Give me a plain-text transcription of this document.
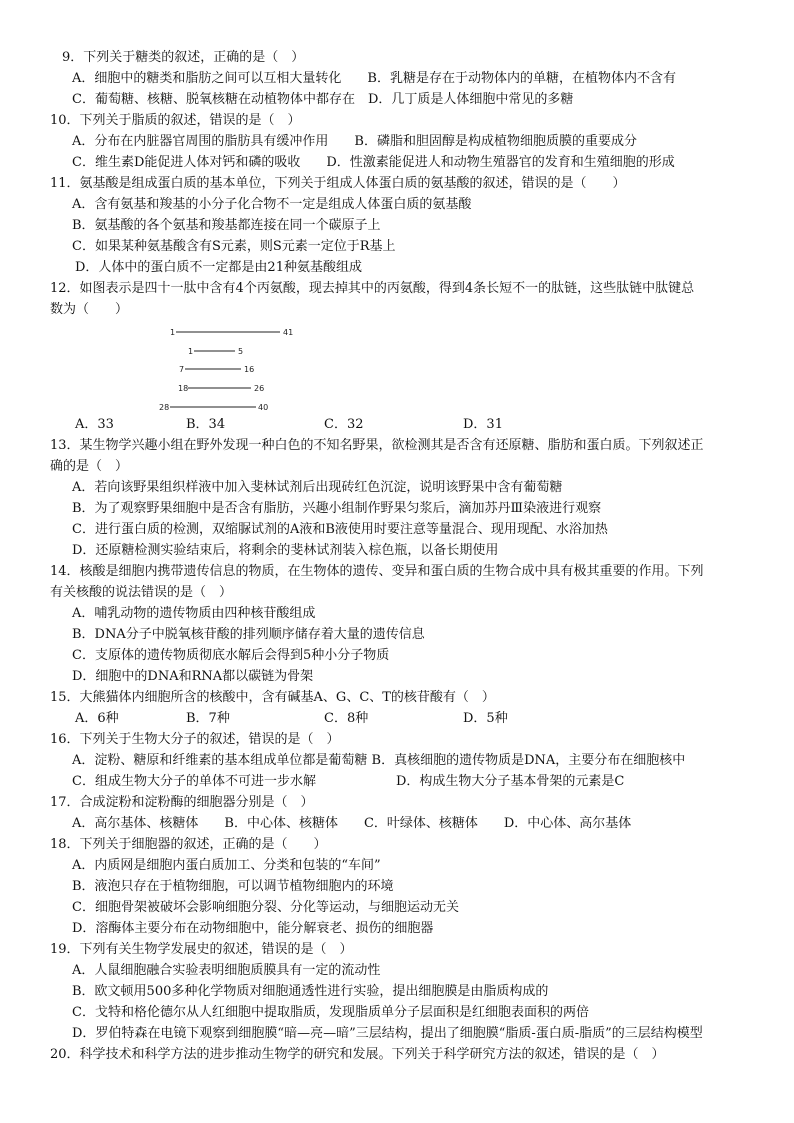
9．下列关于糖类的叙述，正确的是（　）
A．细胞中的糖类和脂肪之间可以互相大量转化　　B．乳糖是存在于动物体内的单糖，在植物体内不含有
C．葡萄糖、核糖、脱氧核糖在动植物体中都存在　D．几丁质是人体细胞中常见的多糖
10．下列关于脂质的叙述，错误的是（　）
A．分布在内脏器官周围的脂肪具有缓冲作用　　B．磷脂和胆固醇是构成植物细胞质膜的重要成分
C．维生素D能促进人体对钙和磷的吸收　　D．性激素能促进人和动物生殖器官的发育和生殖细胞的形成
11．氨基酸是组成蛋白质的基本单位，下列关于组成人体蛋白质的氨基酸的叙述，错误的是（　　）
A．含有氨基和羧基的小分子化合物不一定是组成人体蛋白质的氨基酸
B．氨基酸的各个氨基和羧基都连接在同一个碳原子上
C．如果某种氨基酸含有S元素，则S元素一定位于R基上
D．人体中的蛋白质不一定都是由21种氨基酸组成
12．如图表示是四十一肽中含有4个丙氨酸，现去掉其中的丙氨酸，得到4条长短不一的肽链，这些肽链中肽键总
数为（　　）
1	41
1	5
7	16
18	26
28	40
A．33	B．34	C．32	D．31
13．某生物学兴趣小组在野外发现一种白色的不知名野果，欲检测其是否含有还原糖、脂肪和蛋白质。下列叙述正
确的是（　）
A．若向该野果组织样液中加入斐林试剂后出现砖红色沉淀，说明该野果中含有葡萄糖
B．为了观察野果细胞中是否含有脂肪，兴趣小组制作野果匀浆后，滴加苏丹Ⅲ染液进行观察
C．进行蛋白质的检测，双缩脲试剂的A液和B液使用时要注意等量混合、现用现配、水浴加热
D．还原糖检测实验结束后，将剩余的斐林试剂装入棕色瓶，以备长期使用
14．核酸是细胞内携带遗传信息的物质，在生物体的遗传、变异和蛋白质的生物合成中具有极其重要的作用。下列
有关核酸的说法错误的是（　）
A．哺乳动物的遗传物质由四种核苷酸组成
B．DNA分子中脱氧核苷酸的排列顺序储存着大量的遗传信息
C．支原体的遗传物质彻底水解后会得到5种小分子物质
D．细胞中的DNA和RNA都以碳链为骨架
15．大熊猫体内细胞所含的核酸中，含有碱基A、G、C、T的核苷酸有（　）
A．6种	B．7种	C．8种	D．5种
16．下列关于生物大分子的叙述，错误的是（　）
A．淀粉、糖原和纤维素的基本组成单位都是葡萄糖 B．真核细胞的遗传物质是DNA，主要分布在细胞核中
C．组成生物大分子的单体不可进一步水解	D．构成生物大分子基本骨架的元素是C
17．合成淀粉和淀粉酶的细胞器分别是（　）
A．高尔基体、核糖体　　B．中心体、核糖体　　C．叶绿体、核糖体　　D．中心体、高尔基体
18．下列关于细胞器的叙述，正确的是（　　）
A．内质网是细胞内蛋白质加工、分类和包装的“车间”
B．液泡只存在于植物细胞，可以调节植物细胞内的环境
C．细胞骨架被破坏会影响细胞分裂、分化等运动，与细胞运动无关
D．溶酶体主要分布在动物细胞中，能分解衰老、损伤的细胞器
19．下列有关生物学发展史的叙述，错误的是（　）
A．人鼠细胞融合实验表明细胞质膜具有一定的流动性
B．欧文顿用500多种化学物质对细胞通透性进行实验，提出细胞膜是由脂质构成的
C．戈特和格伦德尔从人红细胞中提取脂质，发现脂质单分子层面积是红细胞表面积的两倍
D．罗伯特森在电镜下观察到细胞膜“暗—亮—暗”三层结构，提出了细胞膜“脂质-蛋白质-脂质”的三层结构模型
20．科学技术和科学方法的进步推动生物学的研究和发展。下列关于科学研究方法的叙述，错误的是（　）
